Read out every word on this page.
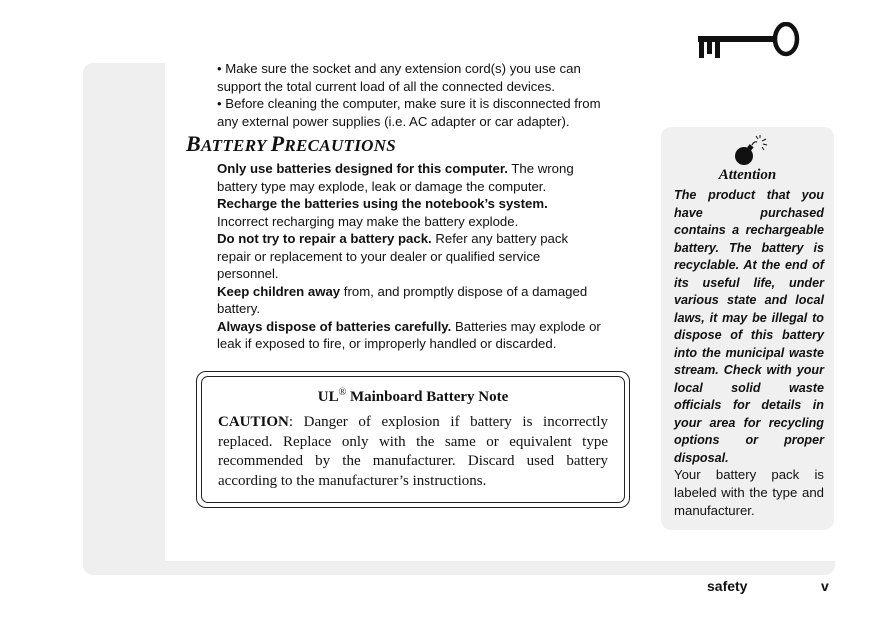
• Make sure the socket and any extension cord(s) you use can support the total current load of all the connected devices.

• Before cleaning the computer, make sure it is disconnected from any external power supplies (i.e. AC adapter or car adapter).

BATTERY PRECAUTIONS

Only use batteries designed for this computer. The wrong battery type may explode, leak or damage the computer.

Recharge the batteries using the notebook’s system. Incorrect recharging may make the battery explode.

Do not try to repair a battery pack. Refer any battery pack repair or replacement to your dealer or qualified service personnel.

Keep children away from, and promptly dispose of a damaged battery.

Always dispose of batteries carefully. Batteries may explode or leak if exposed to fire, or improperly handled or discarded.

UL® Mainboard Battery Note
CAUTION: Danger of explosion if battery is incorrectly replaced. Replace only with the same or equivalent type recommended by the manufacturer. Discard used battery according to the manufacturer’s instructions.
Attention
The product that you have purchased contains a rechargeable battery. The battery is recyclable. At the end of its useful life, under various state and local laws, it may be illegal to dispose of this battery into the municipal waste stream. Check with your local solid waste officials for details in your area for recycling options or proper disposal.
Your battery pack is labeled with the type and manufacturer.
safety	v
